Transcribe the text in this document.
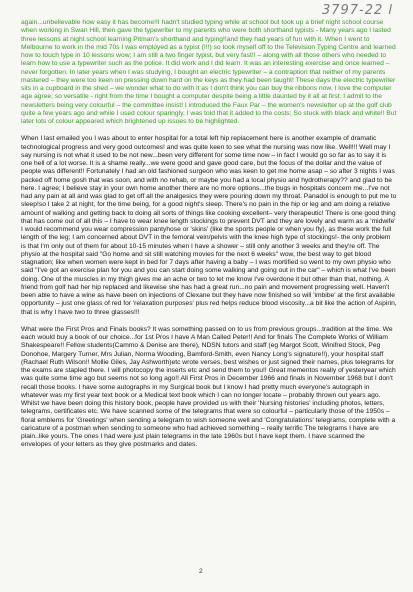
3797-22 l

again...unbelievable how easy it has become!!I hadn't studied typing while at school but took up a brief night school course when working in Swan Hill, then gave the typewriter to my parents who were both shorthand typists - Many years ago I lasted three lessons at night school learning Pitman's shorthand and typing!!and they had years of fun with it. When I went to Melbourne to work in the mid 70s I was employed as a typist (!!!) so took myself off to the Television Typing Centre and learned how to touch type in 10 lessons wow; I am still a two finger typist, but very fast!! – along with all those others who needed to learn how to use a typewriter such as the police. It did work and I did learn. It was an interesting exercise and once learned – never forgotten. In later years when I was studying, I bought an electric typewriter – a contraption that neither of my parents mastered – they were too keen on pressing down hard on the keys as they had been taught! These days the electric typewriter sits in a cupboard in the shed – we wonder what to do with it as I don't think you can buy the ribbons now. I love the computer age agree; so versatile - right from the time I bought a computer despite being a little daunted by it all at first. I admit to the newsletters being very colourful – the committee insist! I introduced the Faux Par – the women's newsletter up at the golf club quite a few years ago and while I used colour sparingly, I was told that it added to the costs; So stuck with black and white!! But later lots of colour appeared which brightened up issues to be highlighted.

When I last emailed you I was about to enter hospital for a total left hip replacement here is another example of dramatic technological progress and very good outcomes! and was quite keen to see what the nursing was now like. Well!!! Well may I say nursing is not what it used to be not new...been very different for some time now – in fact I would go so far as to say it is one hell of a lot worse. It is a shame really...we were good and gave good care, but the focus of the dollar and the value of people was different!! Fortunately I had an old fashioned surgeon who was keen to get me home asap – so after 3 nights I was packed off home gosh that was soon, and with no rehab, or maybe you had a local physio and hydrotherapy?? and glad to be here. I agree; I believe stay in your own home another there are no more options...the bugs in hospitals concern me...I've not had any pain at all and was glad to get off all the analgesics they were pouring down my throat. Panadol is enough to put me to sleep!so I take 2 at night, for the time being, for a good night's sleep. There's no pain in the hip or leg and am doing a relative amount of walking and getting back to doing all sorts of things like cooking excellent– very therapeutic! There is one good thing that has come out of all this – I have to wear knee length stockings to prevent DVT and they are lovely and warm as a 'midwife' I would recommend you wear compression pantyhose or 'skins' (like the sports people or when you fly), as these work the full length of the leg; I am concerned about DVT in the femoral vein/pelvis with the knee high type of stockings!- the only problem is that I'm only out of them for about 10-15 minutes when I have a shower – still only another 3 weeks and they're off. The physio at the hospital said "Go home and sit still watching movies for the next 6 weeks" wow, the best way to get blood stagnation; like when women were kept in bed for 7 days after having a baby – I was mortified so went to my own physio who said "I've got an exercise plan for you and you can start doing some walking and going out in the car" – which is what I've been doing. One of the muscles in my thigh gives me an ache or two to let me know I've overdone it but other than that, nothing. A friend from golf had her hip replaced and likewise she has had a great run...no pain and movement progressing well. Haven't been able to have a wine as have been on injections of Clexane but they have now finished so will 'imbibe' at the first available opportunity – just one glass of red for 'relaxation purposes' plus red helps reduce blood viscosity...a bit like the action of Aspirin, that is why I have two to three glasses!!!

What were the First Pros and Finals books? It was something passed on to us from previous groups...tradition at the time. We each would buy a book of our choice...for 1st Pros I have A Man Called Peter!! And for finals The Complete Works of William Shakespeare!! Fellow students(Cammo & Denise are there), NDSN tutors and staff (eg Margot Scott, Winifred Stock, Peg Donohoe, Margery Turner, Mrs Julian, Norma Wooding, Bamford-Smith, even Nancy Long's signature!!), your hospital staff (Rachael Ruth Wilson!! Mollie Giles, Jay Ashworth)etc wrote verses, best wishes or just signed their names, plus telegrams for the exams are stapled there. I will photocopy the inserts etc and send them to you!! Great mementos really of yesteryear which was quite some time ago but seems not so long ago!! All First Pros in December 1966 and finals in November 1968 but I don't recall those books. I have some autographs in my Surgical book but I know I had pretty much everyone's autograph in whatever was my first year text book or a Medical text book which I can no longer locate – probably thrown out years ago. Whilst we have been doing this history book, people have provided us with their 'Nursing histories' including photos, letters, telegrams, certificates etc. We have scanned some of the telegrams that were so colourful – particularly those of the 1950s – floral emblems for 'Greetings' when sending a telegram to wish someone well and 'Congratulations' telegrams, complete with a caricature of a postman when sending to someone who had achieved something – really terrific The telegrams I have are plain..like yours. The ones I had were just plain telegrams in the late 1960s but I have kept them. I have scanned the envelopes of your letters as they give postmarks and dates.

2
